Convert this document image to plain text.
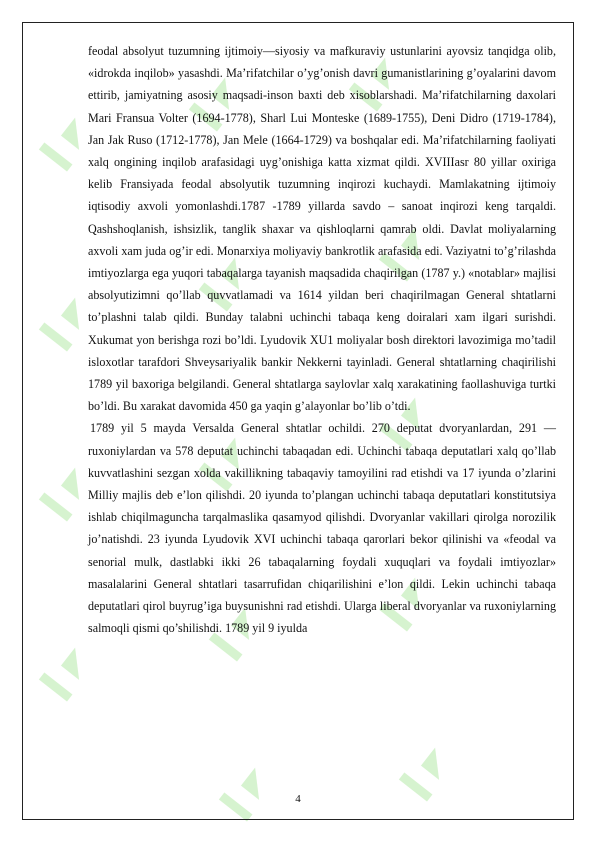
▍◤
▍◤	▍◤
▍◤
▍◤
▍◤
▍◤
▍◤
▍◤
▍◤
▍◤
▍◤
▍◤	▍◤

feodal absolyut tuzumning ijtimoiy—siyosiy va mafkuraviy ustunlarini ayovsiz tanqidga olib, «idrokda inqilob» yasashdi. Ma’rifatchilar o’yg’onish davri gumanistlarining g’oyalarini davom ettirib, jamiyatning asosiy maqsadi-inson baxti deb xisoblarshadi. Ma’rifatchilarning daxolari Mari Fransua Volter (1694-1778), Sharl Lui Monteske (1689-1755), Deni Didro (1719-1784), Jan Jak Ruso (1712-1778), Jan Mele (1664-1729) va boshqalar edi. Ma’rifatchilarning faoliyati xalq ongining inqilob arafasidagi uyg’onishiga katta xizmat qildi. XVIIIasr 80 yillar oxiriga kelib Fransiyada feodal absolyutik tuzumning inqirozi kuchaydi. Mamlakatning ijtimoiy iqtisodiy axvoli yomonlashdi.1787 -1789 yillarda savdo – sanoat inqirozi keng tarqaldi. Qashshoqlanish, ishsizlik, tanglik shaxar va qishloqlarni qamrab oldi. Davlat moliyalarning axvoli xam juda og’ir edi. Monarxiya moliyaviy bankrotlik arafasida edi. Vaziyatni to’g’rilashda imtiyozlarga ega yuqori tabaqalarga tayanish maqsadida chaqirilgan (1787 y.) «notablar» majlisi absolyutizimni qo’llab quvvatlamadi va 1614 yildan beri chaqirilmagan General shtatlarni to’plashni talab qildi. Bunday talabni uchinchi tabaqa keng doiralari xam ilgari surishdi. Xukumat yon berishga rozi bo’ldi. Lyudovik XU1 moliyalar bosh direktori lavozimiga mo’tadil isloxotlar tarafdori Shveysariyalik bankir Nekkerni tayinladi. General shtatlarning chaqirilishi 1789 yil baxoriga belgilandi. General shtatlarga saylovlar xalq xarakatining faollashuviga turtki bo’ldi. Bu xarakat davomida 450 ga yaqin g’alayonlar bo’lib o’tdi.

1789 yil 5 mayda Versalda General shtatlar ochildi. 270 deputat dvoryanlardan, 291 — ruxoniylardan va 578 deputat uchinchi tabaqadan edi. Uchinchi tabaqa deputatlari xalq qo’llab kuvvatlashini sezgan xolda vakillikning tabaqaviy tamoyilini rad etishdi va 17 iyunda o’zlarini Milliy majlis deb e’lon qilishdi. 20 iyunda to’plangan uchinchi tabaqa deputatlari konstitutsiya ishlab chiqilmaguncha tarqalmaslika qasamyod qilishdi. Dvoryanlar vakillari qirolga norozilik jo’natishdi. 23 iyunda Lyudovik XVI uchinchi tabaqa qarorlari bekor qilinishi va «feodal va senorial mulk, dastlabki ikki 26 tabaqalarning foydali xuquqlari va foydali imtiyozlar» masalalarini General shtatlari tasarrufidan chiqarilishini e’lon qildi. Lekin uchinchi tabaqa deputatlari qirol buyrug’iga buysunishni rad etishdi. Ularga liberal dvoryanlar va ruxoniylarning salmoqli qismi qo’shilishdi. 1789 yil 9 iyulda

4
